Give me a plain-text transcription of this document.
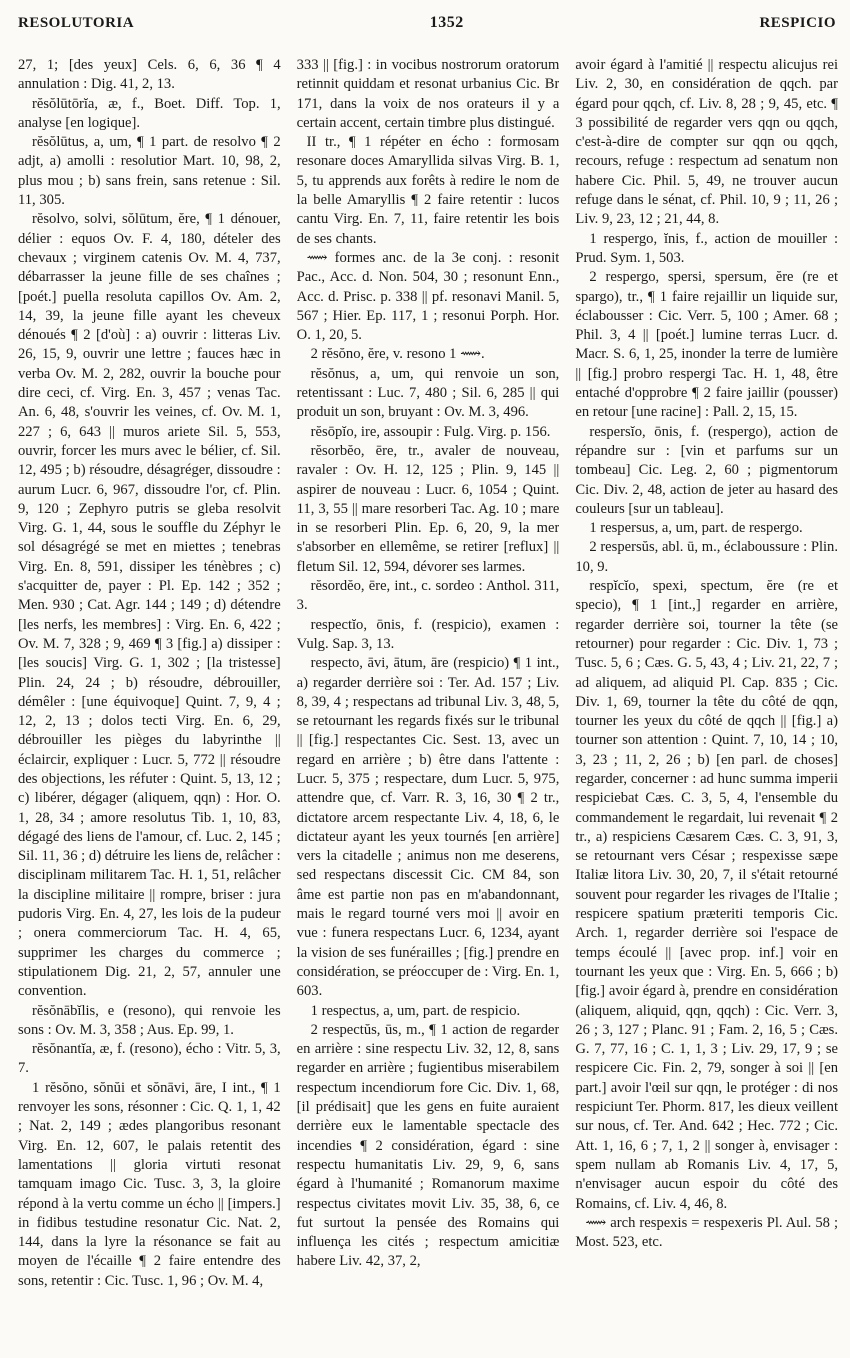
RESOLUTORIA	1352	RESPICIO

27, 1; [des yeux] Cels. 6, 6, 36 ¶ 4 annulation : Dig. 41, 2, 13.

rĕsŏlūtōrĭa, æ, f., Boet. Diff. Top. 1, analyse [en logique].

rĕsŏlūtus, a, um, ¶ 1 part. de resolvo ¶ 2 adjt, a) amolli : resolutior Mart. 10, 98, 2, plus mou ; b) sans frein, sans retenue : Sil. 11, 305.

rĕsolvo, solvi, sŏlūtum, ĕre, ¶ 1 dénouer, délier : equos Ov. F. 4, 180, dételer des chevaux ; virginem catenis Ov. M. 4, 737, débarrasser la jeune fille de ses chaînes ; [poét.] puella resoluta capillos Ov. Am. 2, 14, 39, la jeune fille ayant les cheveux dénoués ¶ 2 [d'où] : a) ouvrir : litteras Liv. 26, 15, 9, ouvrir une lettre ; fauces hæc in verba Ov. M. 2, 282, ouvrir la bouche pour dire ceci, cf. Virg. En. 3, 457 ; venas Tac. An. 6, 48, s'ouvrir les veines, cf. Ov. M. 1, 227 ; 6, 643 || muros ariete Sil. 5, 553, ouvrir, forcer les murs avec le bélier, cf. Sil. 12, 495 ; b) résoudre, désagréger, dissoudre : aurum Lucr. 6, 967, dissoudre l'or, cf. Plin. 9, 120 ; Zephyro putris se gleba resolvit Virg. G. 1, 44, sous le souffle du Zéphyr le sol désagrégé se met en miettes ; tenebras Virg. En. 8, 591, dissiper les ténèbres ; c) s'acquitter de, payer : Pl. Ep. 142 ; 352 ; Men. 930 ; Cat. Agr. 144 ; 149 ; d) détendre [les nerfs, les membres] : Virg. En. 6, 422 ; Ov. M. 7, 328 ; 9, 469 ¶ 3 [fig.] a) dissiper : [les soucis] Virg. G. 1, 302 ; [la tristesse] Plin. 24, 24 ; b) résoudre, débrouiller, démêler : [une équivoque] Quint. 7, 9, 4 ; 12, 2, 13 ; dolos tecti Virg. En. 6, 29, débrouiller les pièges du labyrinthe || éclaircir, expliquer : Lucr. 5, 772 || résoudre des objections, les réfuter : Quint. 5, 13, 12 ; c) libérer, dégager (aliquem, qqn) : Hor. O. 1, 28, 34 ; amore resolutus Tib. 1, 10, 83, dégagé des liens de l'amour, cf. Luc. 2, 145 ; Sil. 11, 36 ; d) détruire les liens de, relâcher : disciplinam militarem Tac. H. 1, 51, relâcher la discipline militaire || rompre, briser : jura pudoris Virg. En. 4, 27, les lois de la pudeur ; onera commerciorum Tac. H. 4, 65, supprimer les charges du commerce ; stipulationem Dig. 21, 2, 57, annuler une convention.

rĕsŏnābĭlis, e (resono), qui renvoie les sons : Ov. M. 3, 358 ; Aus. Ep. 99, 1.

rĕsŏnantĭa, æ, f. (resono), écho : Vitr. 5, 3, 7.

1 rĕsŏno, sŏnŭi et sŏnāvi, āre, I int., ¶ 1 renvoyer les sons, résonner : Cic. Q. 1, 1, 42 ; Nat. 2, 149 ; ædes plangoribus resonant Virg. En. 12, 607, le palais retentit des lamentations || gloria virtuti resonat tamquam imago Cic. Tusc. 3, 3, la gloire répond à la vertu comme un écho || [impers.] in fidibus testudine resonatur Cic. Nat. 2, 144, dans la lyre la résonance se fait au moyen de l'écaille ¶ 2 faire entendre des sons, retentir : Cic. Tusc. 1, 96 ; Ov. M. 4,

333 || [fig.] : in vocibus nostrorum oratorum retinnit quiddam et resonat urbanius Cic. Br 171, dans la voix de nos orateurs il y a certain accent, certain timbre plus distingué.

II tr., ¶ 1 répéter en écho : formosam resonare doces Amaryllida silvas Virg. B. 1, 5, tu apprends aux forêts à redire le nom de la belle Amaryllis ¶ 2 faire retentir : lucos cantu Virg. En. 7, 11, faire retentir les bois de ses chants.

⟿ formes anc. de la 3e conj. : resonit Pac., Acc. d. Non. 504, 30 ; resonunt Enn., Acc. d. Prisc. p. 338 || pf. resonavi Manil. 5, 567 ; Hier. Ep. 117, 1 ; resonui Porph. Hor. O. 1, 20, 5.

2 rĕsŏno, ĕre, v. resono 1 ⟿.

rĕsŏnus, a, um, qui renvoie un son, retentissant : Luc. 7, 480 ; Sil. 6, 285 || qui produit un son, bruyant : Ov. M. 3, 496.

rĕsōpĭo, ire, assoupir : Fulg. Virg. p. 156.

rĕsorbĕo, ēre, tr., avaler de nouveau, ravaler : Ov. H. 12, 125 ; Plin. 9, 145 || aspirer de nouveau : Lucr. 6, 1054 ; Quint. 11, 3, 55 || mare resorberi Tac. Ag. 10 ; mare in se resorberi Plin. Ep. 6, 20, 9, la mer s'absorber en ellemême, se retirer [reflux] || fletum Sil. 12, 594, dévorer ses larmes.

rĕsordĕo, ēre, int., c. sordeo : Anthol. 311, 3.

respectĭo, ōnis, f. (respicio), examen : Vulg. Sap. 3, 13.

respecto, āvi, ātum, āre (respicio) ¶ 1 int., a) regarder derrière soi : Ter. Ad. 157 ; Liv. 8, 39, 4 ; respectans ad tribunal Liv. 3, 48, 5, se retournant les regards fixés sur le tribunal || [fig.] respectantes Cic. Sest. 13, avec un regard en arrière ; b) être dans l'attente : Lucr. 5, 375 ; respectare, dum Lucr. 5, 975, attendre que, cf. Varr. R. 3, 16, 30 ¶ 2 tr., dictatore arcem respectante Liv. 4, 18, 6, le dictateur ayant les yeux tournés [en arrière] vers la citadelle ; animus non me deserens, sed respectans discessit Cic. CM 84, son âme est partie non pas en m'abandonnant, mais le regard tourné vers moi || avoir en vue : funera respectans Lucr. 6, 1234, ayant la vision de ses funérailles ; [fig.] prendre en considération, se préoccuper de : Virg. En. 1, 603.

1 respectus, a, um, part. de respicio.

2 respectŭs, ūs, m., ¶ 1 action de regarder en arrière : sine respectu Liv. 32, 12, 8, sans regarder en arrière ; fugientibus miserabilem respectum incendiorum fore Cic. Div. 1, 68, [il prédisait] que les gens en fuite auraient derrière eux le lamentable spectacle des incendies ¶ 2 considération, égard : sine respectu humanitatis Liv. 29, 9, 6, sans égard à l'humanité ; Romanorum maxime respectus civitates movit Liv. 35, 38, 6, ce fut surtout la pensée des Romains qui influença les cités ; respectum amicitiæ habere Liv. 42, 37, 2,

avoir égard à l'amitié || respectu alicujus rei Liv. 2, 30, en considération de qqch. par égard pour qqch, cf. Liv. 8, 28 ; 9, 45, etc. ¶ 3 possibilité de regarder vers qqn ou qqch, c'est-à-dire de compter sur qqn ou qqch, recours, refuge : respectum ad senatum non habere Cic. Phil. 5, 49, ne trouver aucun refuge dans le sénat, cf. Phil. 10, 9 ; 11, 26 ; Liv. 9, 23, 12 ; 21, 44, 8.

1 respergo, ĭnis, f., action de mouiller : Prud. Sym. 1, 503.

2 respergo, spersi, spersum, ĕre (re et spargo), tr., ¶ 1 faire rejaillir un liquide sur, éclabousser : Cic. Verr. 5, 100 ; Amer. 68 ; Phil. 3, 4 || [poét.] lumine terras Lucr. d. Macr. S. 6, 1, 25, inonder la terre de lumière || [fig.] probro respergi Tac. H. 1, 48, être entaché d'opprobre ¶ 2 faire jaillir (pousser) en retour [une racine] : Pall. 2, 15, 15.

respersĭo, ōnis, f. (respergo), action de répandre sur : [vin et parfums sur un tombeau] Cic. Leg. 2, 60 ; pigmentorum Cic. Div. 2, 48, action de jeter au hasard des couleurs [sur un tableau].

1 respersus, a, um, part. de respergo.

2 respersŭs, abl. ū, m., éclaboussure : Plin. 10, 9.

respĭcĭo, spexi, spectum, ĕre (re et specio), ¶ 1 [int.,] regarder en arrière, regarder derrière soi, tourner la tête (se retourner) pour regarder : Cic. Div. 1, 73 ; Tusc. 5, 6 ; Cæs. G. 5, 43, 4 ; Liv. 21, 22, 7 ; ad aliquem, ad aliquid Pl. Cap. 835 ; Cic. Div. 1, 69, tourner la tête du côté de qqn, tourner les yeux du côté de qqch || [fig.] a) tourner son attention : Quint. 7, 10, 14 ; 10, 3, 23 ; 11, 2, 26 ; b) [en parl. de choses] regarder, concerner : ad hunc summa imperii respiciebat Cæs. C. 3, 5, 4, l'ensemble du commandement le regardait, lui revenait ¶ 2 tr., a) respiciens Cæsarem Cæs. C. 3, 91, 3, se retournant vers César ; respexisse sæpe Italiæ litora Liv. 30, 20, 7, il s'était retourné souvent pour regarder les rivages de l'Italie ; respicere spatium præteriti temporis Cic. Arch. 1, regarder derrière soi l'espace de temps écoulé || [avec prop. inf.] voir en tournant les yeux que : Virg. En. 5, 666 ; b) [fig.] avoir égard à, prendre en considération (aliquem, aliquid, qqn, qqch) : Cic. Verr. 3, 26 ; 3, 127 ; Planc. 91 ; Fam. 2, 16, 5 ; Cæs. G. 7, 77, 16 ; C. 1, 1, 3 ; Liv. 29, 17, 9 ; se respicere Cic. Fin. 2, 79, songer à soi || [en part.] avoir l'œil sur qqn, le protéger : di nos respiciunt Ter. Phorm. 817, les dieux veillent sur nous, cf. Ter. And. 642 ; Hec. 772 ; Cic. Att. 1, 16, 6 ; 7, 1, 2 || songer à, envisager : spem nullam ab Romanis Liv. 4, 17, 5, n'envisager aucun espoir du côté des Romains, cf. Liv. 4, 46, 8.

⟿ arch respexis = respexeris Pl. Aul. 58 ; Most. 523, etc.
